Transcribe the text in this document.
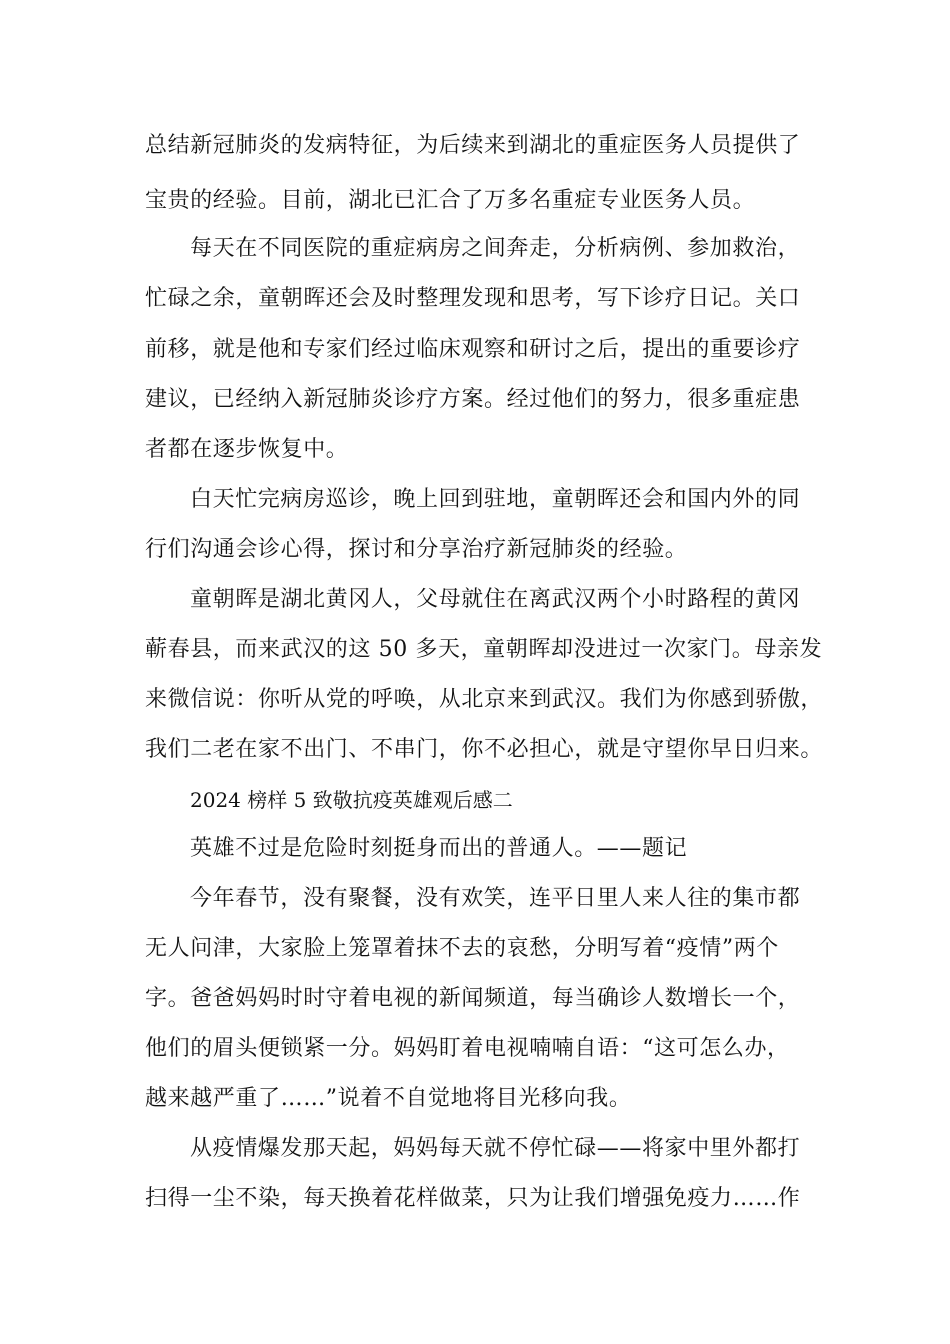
总结新冠肺炎的发病特征，为后续来到湖北的重症医务人员提供了
宝贵的经验。目前，湖北已汇合了万多名重症专业医务人员。
每天在不同医院的重症病房之间奔走，分析病例、参加救治，
忙碌之余，童朝晖还会及时整理发现和思考，写下诊疗日记。关口
前移，就是他和专家们经过临床观察和研讨之后，提出的重要诊疗
建议，已经纳入新冠肺炎诊疗方案。经过他们的努力，很多重症患
者都在逐步恢复中。
白天忙完病房巡诊，晚上回到驻地，童朝晖还会和国内外的同
行们沟通会诊心得，探讨和分享治疗新冠肺炎的经验。
童朝晖是湖北黄冈人，父母就住在离武汉两个小时路程的黄冈
蕲春县，而来武汉的这 50 多天，童朝晖却没进过一次家门。母亲发
来微信说：你听从党的呼唤，从北京来到武汉。我们为你感到骄傲，
我们二老在家不出门、不串门，你不必担心，就是守望你早日归来。
2024 榜样 5 致敬抗疫英雄观后感二
英雄不过是危险时刻挺身而出的普通人。——题记
今年春节，没有聚餐，没有欢笑，连平日里人来人往的集市都
无人问津，大家脸上笼罩着抹不去的哀愁，分明写着“疫情”两个
字。爸爸妈妈时时守着电视的新闻频道，每当确诊人数增长一个，
他们的眉头便锁紧一分。妈妈盯着电视喃喃自语：“这可怎么办，
越来越严重了……”说着不自觉地将目光移向我。
从疫情爆发那天起，妈妈每天就不停忙碌——将家中里外都打
扫得一尘不染，每天换着花样做菜，只为让我们增强免疫力……作
